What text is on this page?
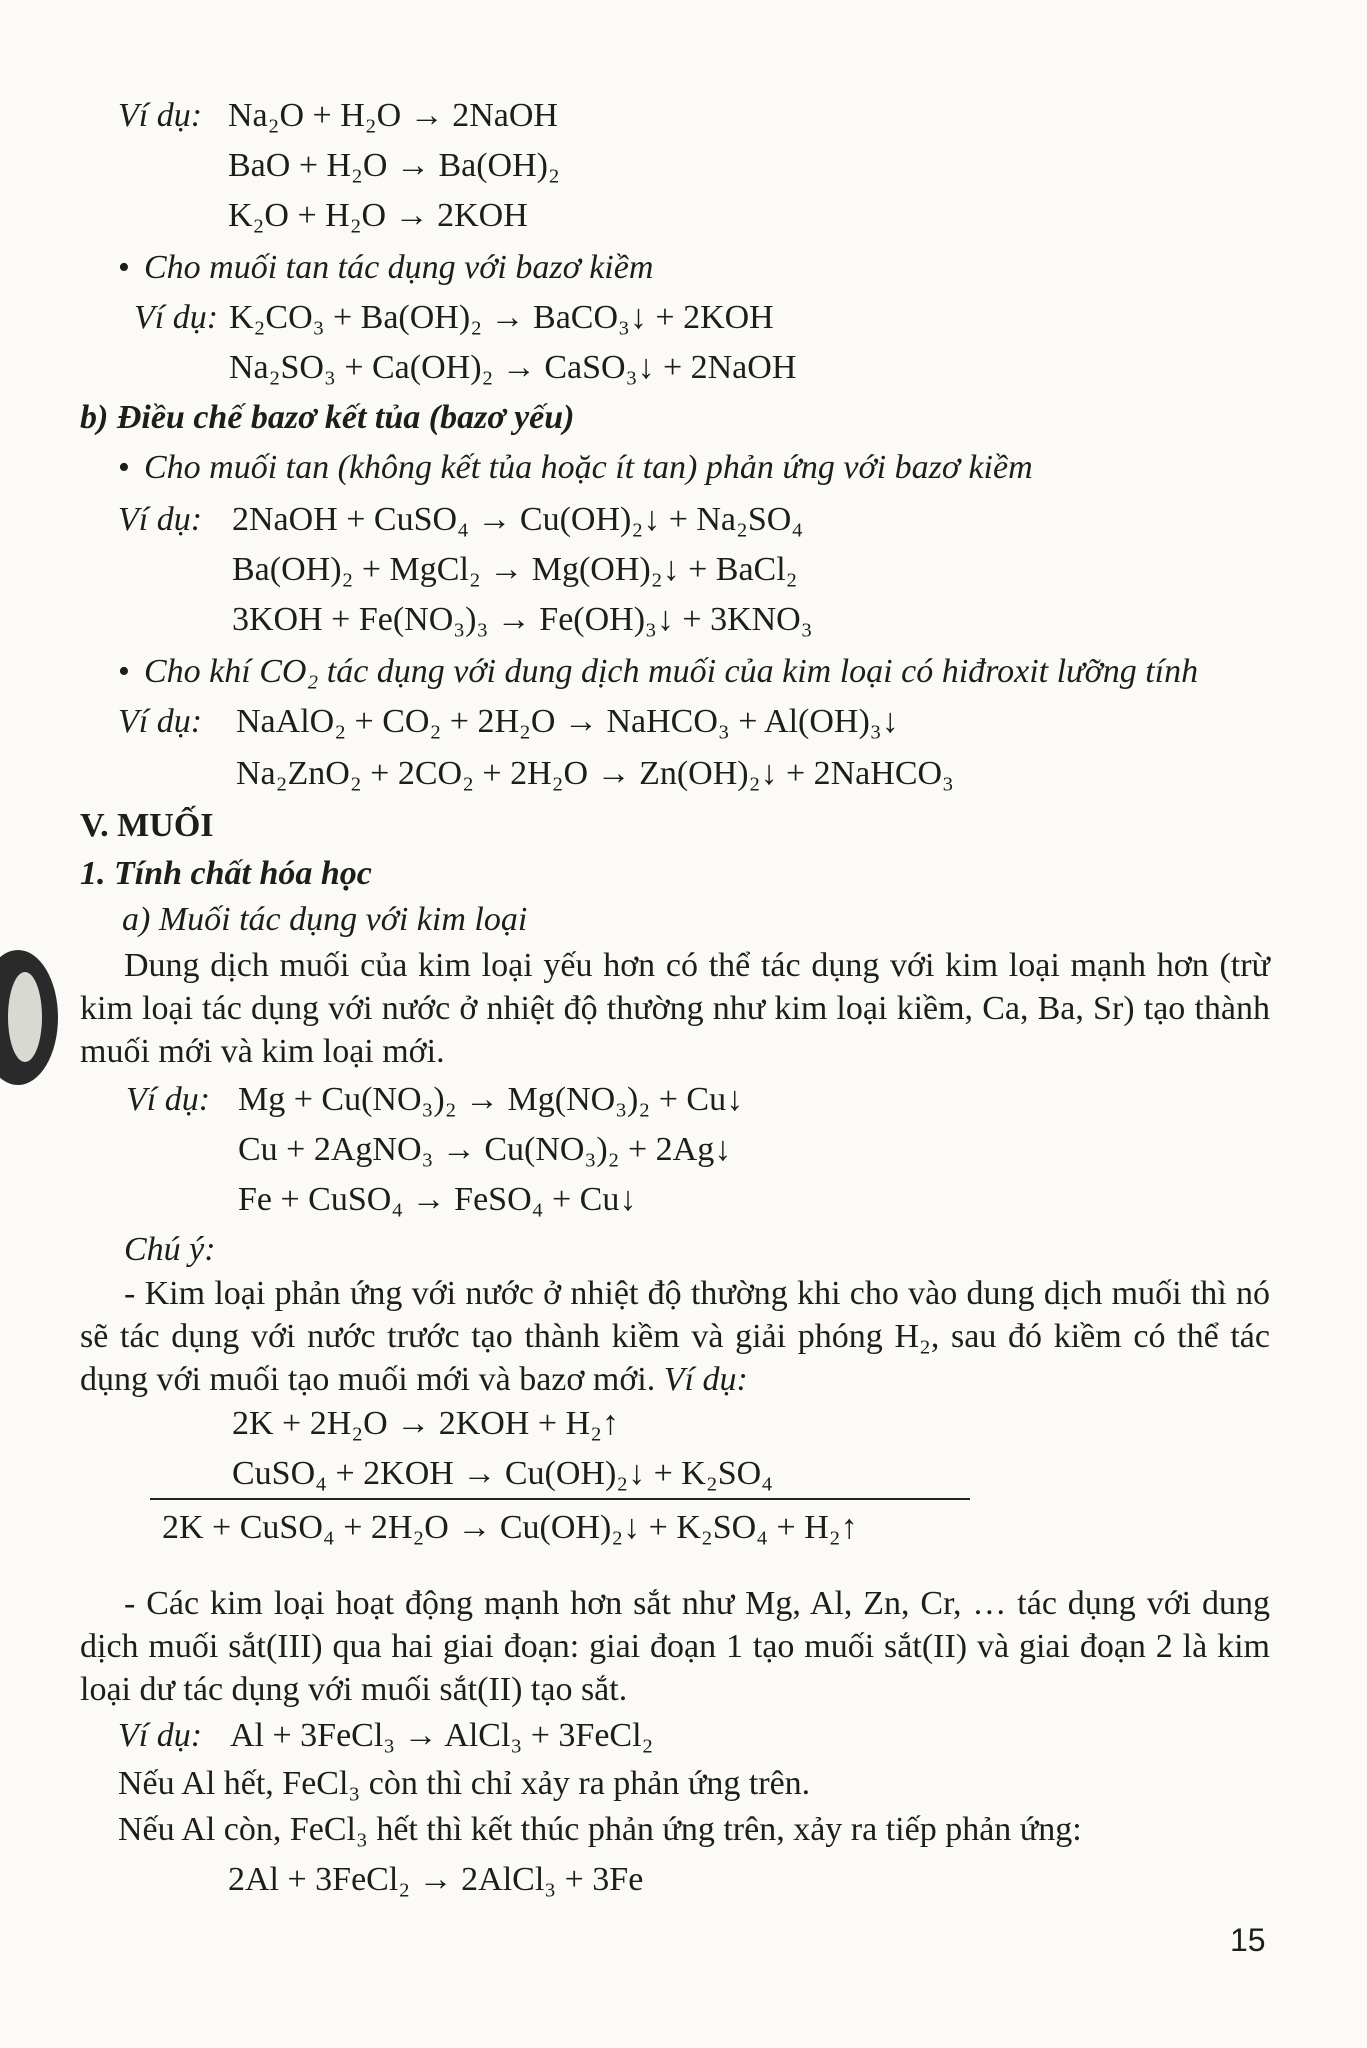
Ví dụ: Na₂O + H₂O → 2NaOH
BaO + H₂O → Ba(OH)₂
K₂O + H₂O → 2KOH
• Cho muối tan tác dụng với bazơ kiềm
Ví dụ: K₂CO₃ + Ba(OH)₂ → BaCO₃↓ + 2KOH
Na₂SO₃ + Ca(OH)₂ → CaSO₃↓ + 2NaOH
b) Điều chế bazơ kết tủa (bazơ yếu)
• Cho muối tan (không kết tủa hoặc ít tan) phản ứng với bazơ kiềm
Ví dụ: 2NaOH + CuSO₄ → Cu(OH)₂↓ + Na₂SO₄
Ba(OH)₂ + MgCl₂ → Mg(OH)₂↓ + BaCl₂
3KOH + Fe(NO₃)₃ → Fe(OH)₃↓ + 3KNO₃
• Cho khí CO₂ tác dụng với dung dịch muối của kim loại có hiđroxit lưỡng tính
Ví dụ: NaAlO₂ + CO₂ + 2H₂O → NaHCO₃ + Al(OH)₃↓
Na₂ZnO₂ + 2CO₂ + 2H₂O → Zn(OH)₂↓ + 2NaHCO₃
V. MUỐI
1. Tính chất hóa học
a) Muối tác dụng với kim loại
Dung dịch muối của kim loại yếu hơn có thể tác dụng với kim loại mạnh hơn (trừ kim loại tác dụng với nước ở nhiệt độ thường như kim loại kiềm, Ca, Ba, Sr) tạo thành muối mới và kim loại mới.
Ví dụ: Mg + Cu(NO₃)₂ → Mg(NO₃)₂ + Cu↓
Cu + 2AgNO₃ → Cu(NO₃)₂ + 2Ag↓
Fe + CuSO₄ → FeSO₄ + Cu↓
Chú ý:
- Kim loại phản ứng với nước ở nhiệt độ thường khi cho vào dung dịch muối thì nó sẽ tác dụng với nước trước tạo thành kiềm và giải phóng H₂, sau đó kiềm có thể tác dụng với muối tạo muối mới và bazơ mới. Ví dụ:
2K + 2H₂O → 2KOH + H₂↑
CuSO₄ + 2KOH → Cu(OH)₂↓ + K₂SO₄
2K + CuSO₄ + 2H₂O → Cu(OH)₂↓ + K₂SO₄ + H₂↑
- Các kim loại hoạt động mạnh hơn sắt như Mg, Al, Zn, Cr, … tác dụng với dung dịch muối sắt(III) qua hai giai đoạn: giai đoạn 1 tạo muối sắt(II) và giai đoạn 2 là kim loại dư tác dụng với muối sắt(II) tạo sắt.
Ví dụ: Al + 3FeCl₃ → AlCl₃ + 3FeCl₂
Nếu Al hết, FeCl₃ còn thì chỉ xảy ra phản ứng trên.
Nếu Al còn, FeCl₃ hết thì kết thúc phản ứng trên, xảy ra tiếp phản ứng:
2Al + 3FeCl₂ → 2AlCl₃ + 3Fe
15
